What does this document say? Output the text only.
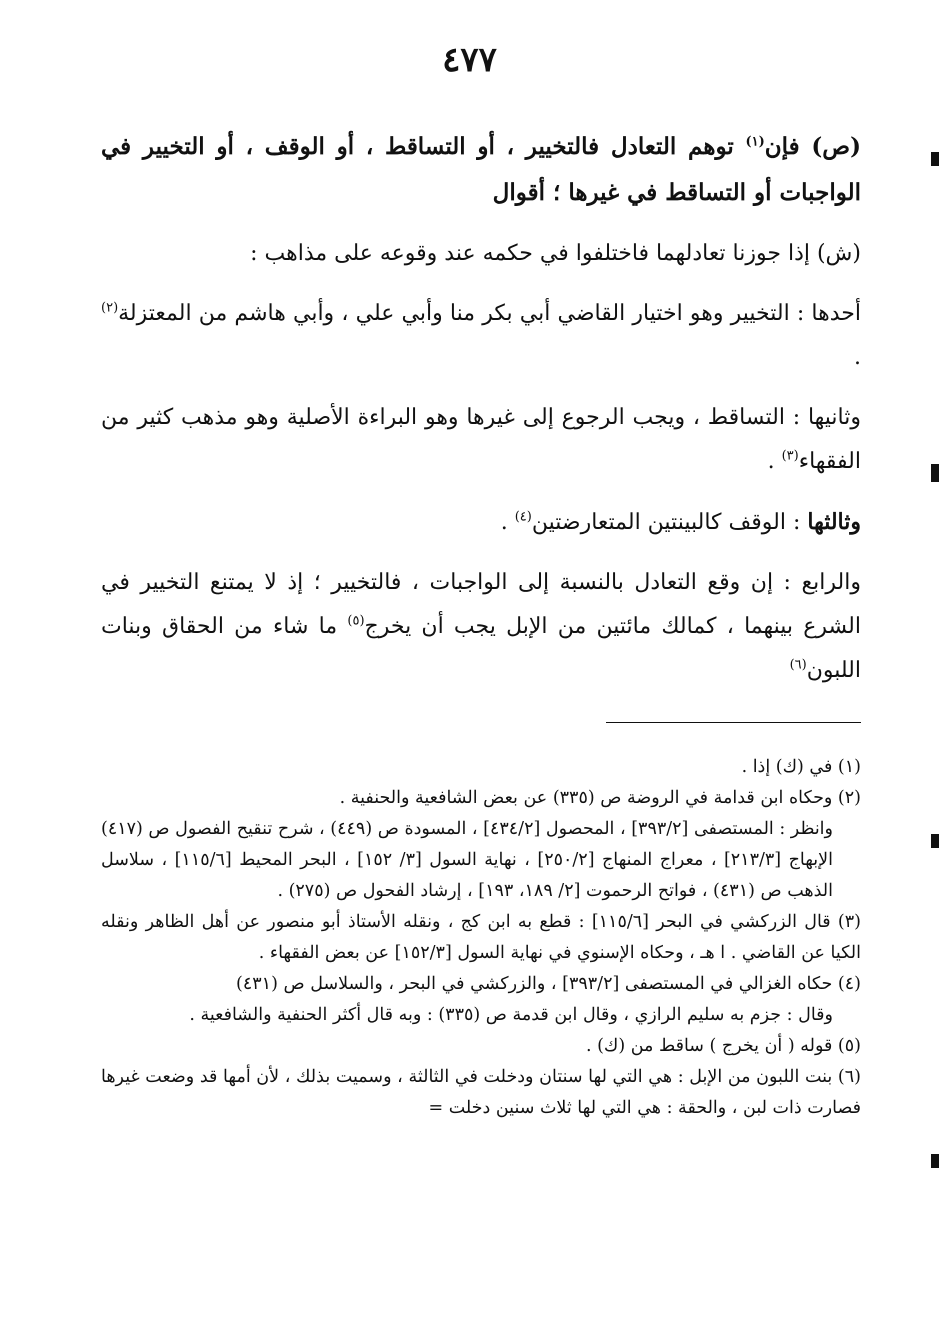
٤٧٧

(ص) فإن$^{(١)}$ توهم التعادل فالتخيير ، أو التساقط ، أو الوقف ، أو التخيير في الواجبات أو التساقط في غيرها ؛ أقوال

(ش) إذا جوزنا تعادلهما فاختلفوا في حكمه عند وقوعه على مذاهب :

أحدها : التخيير وهو اختيار القاضي أبي بكر منا وأبي علي ، وأبي هاشم من المعتزلة$^{(٢)}$ .

وثانيها : التساقط ، ويجب الرجوع إلى غيرها وهو البراءة الأصلية وهو مذهب كثير من الفقهاء$^{(٣)}$ .

وثالثها : الوقف كالبينتين المتعارضتين$^{(٤)}$ .

والرابع : إن وقع التعادل بالنسبة إلى الواجبات ، فالتخيير ؛ إذ لا يمتنع التخيير في الشرع بينهما ، كمالك مائتين من الإبل يجب أن يخرج$^{(٥)}$ ما شاء من الحقاق وبنات اللبون$^{(٦)}$

(١) في (ك) إذا .

(٢) وحكاه ابن قدامة في الروضة ص (٣٣٥) عن بعض الشافعية والحنفية .

وانظر : المستصفى [٣٩٣/٢] ، المحصول [٤٣٤/٢] ، المسودة ص (٤٤٩) ، شرح تنقيح الفصول ص (٤١٧) الإبهاج [٢١٣/٣] ، معراج المنهاج [٢٥٠/٢] ، نهاية السول [٣/ ١٥٢] ، البحر المحيط [١١٥/٦] ، سلاسل الذهب ص (٤٣١) ، فواتح الرحموت [٢/ ١٨٩، ١٩٣] ، إرشاد الفحول ص (٢٧٥) .

(٣) قال الزركشي في البحر [١١٥/٦] : قطع به ابن كج ، ونقله الأستاذ أبو منصور عن أهل الظاهر ونقله الكيا عن القاضي . ا هـ ، وحكاه الإسنوي في نهاية السول [١٥٢/٣] عن بعض الفقهاء .

(٤) حكاه الغزالي في المستصفى [٣٩٣/٢] ، والزركشي في البحر ، والسلاسل ص (٤٣١)

وقال : جزم به سليم الرازي ، وقال ابن قدمة ص (٣٣٥) : وبه قال أكثر الحنفية والشافعية .

(٥) قوله ( أن يخرج ) ساقط من (ك) .

(٦) بنت اللبون من الإبل : هي التي لها سنتان ودخلت في الثالثة ، وسميت بذلك ، لأن أمها قد وضعت غيرها فصارت ذات لبن ، والحقة : هي التي لها ثلاث سنين دخلت =
